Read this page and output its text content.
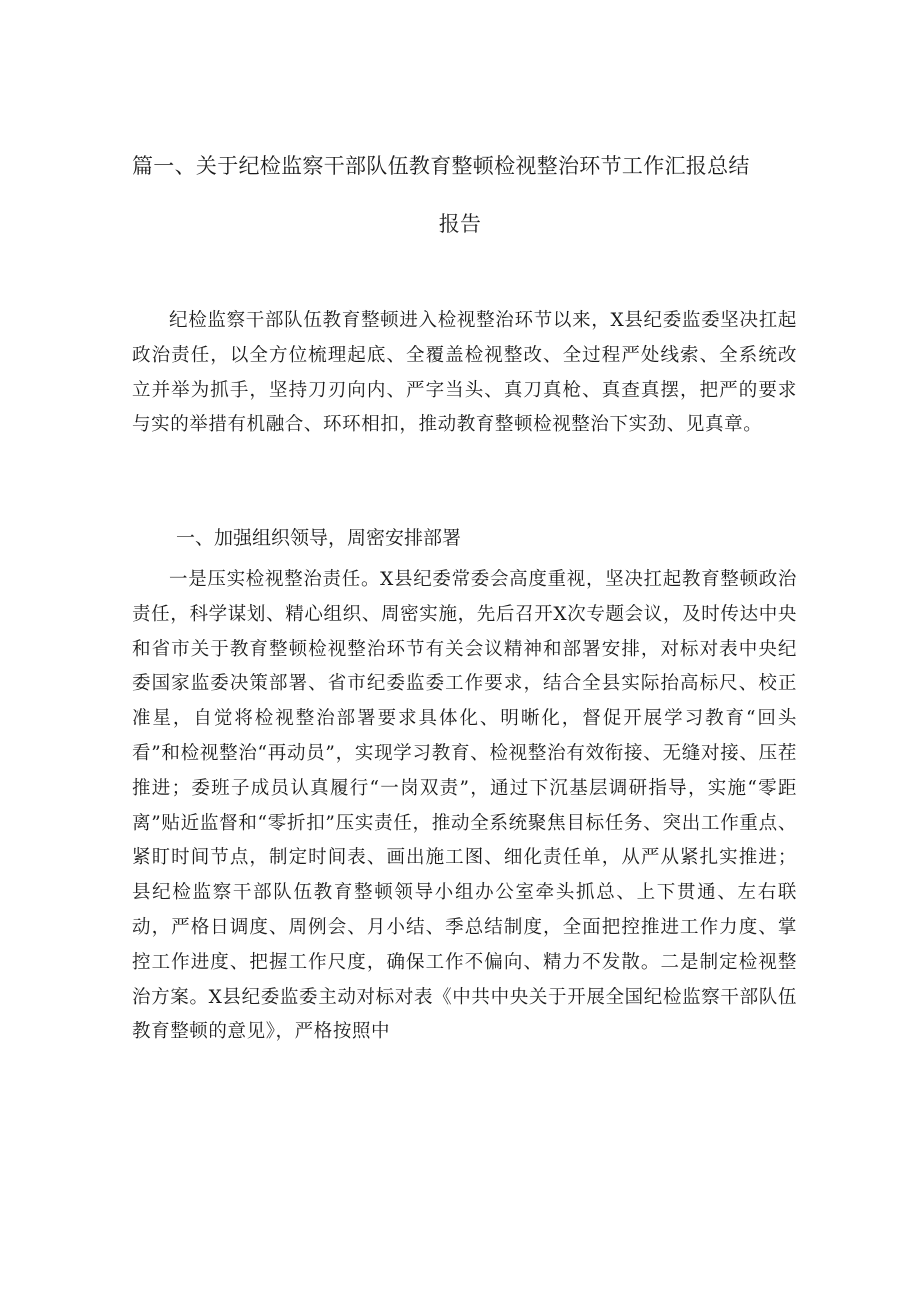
篇一、关于纪检监察干部队伍教育整顿检视整治环节工作汇报总结
报告

纪检监察干部队伍教育整顿进入检视整治环节以来，X县纪委监委坚决扛起政治责任，以全方位梳理起底、全覆盖检视整改、全过程严处线索、全系统改立并举为抓手，坚持刀刃向内、严字当头、真刀真枪、真查真摆，把严的要求与实的举措有机融合、环环相扣，推动教育整顿检视整治下实劲、见真章。

一、加强组织领导，周密安排部署

一是压实检视整治责任。X县纪委常委会高度重视，坚决扛起教育整顿政治责任，科学谋划、精心组织、周密实施，先后召开X次专题会议，及时传达中央和省市关于教育整顿检视整治环节有关会议精神和部署安排，对标对表中央纪委国家监委决策部署、省市纪委监委工作要求，结合全县实际抬高标尺、校正准星，自觉将检视整治部署要求具体化、明晰化，督促开展学习教育“回头看”和检视整治“再动员”，实现学习教育、检视整治有效衔接、无缝对接、压茬推进；委班子成员认真履行“一岗双责”，通过下沉基层调研指导，实施“零距离”贴近监督和“零折扣”压实责任，推动全系统聚焦目标任务、突出工作重点、紧盯时间节点，制定时间表、画出施工图、细化责任单，从严从紧扎实推进；县纪检监察干部队伍教育整顿领导小组办公室牵头抓总、上下贯通、左右联动，严格日调度、周例会、月小结、季总结制度，全面把控推进工作力度、掌控工作进度、把握工作尺度，确保工作不偏向、精力不发散。二是制定检视整治方案。X县纪委监委主动对标对表《中共中央关于开展全国纪检监察干部队伍教育整顿的意见》，严格按照中
